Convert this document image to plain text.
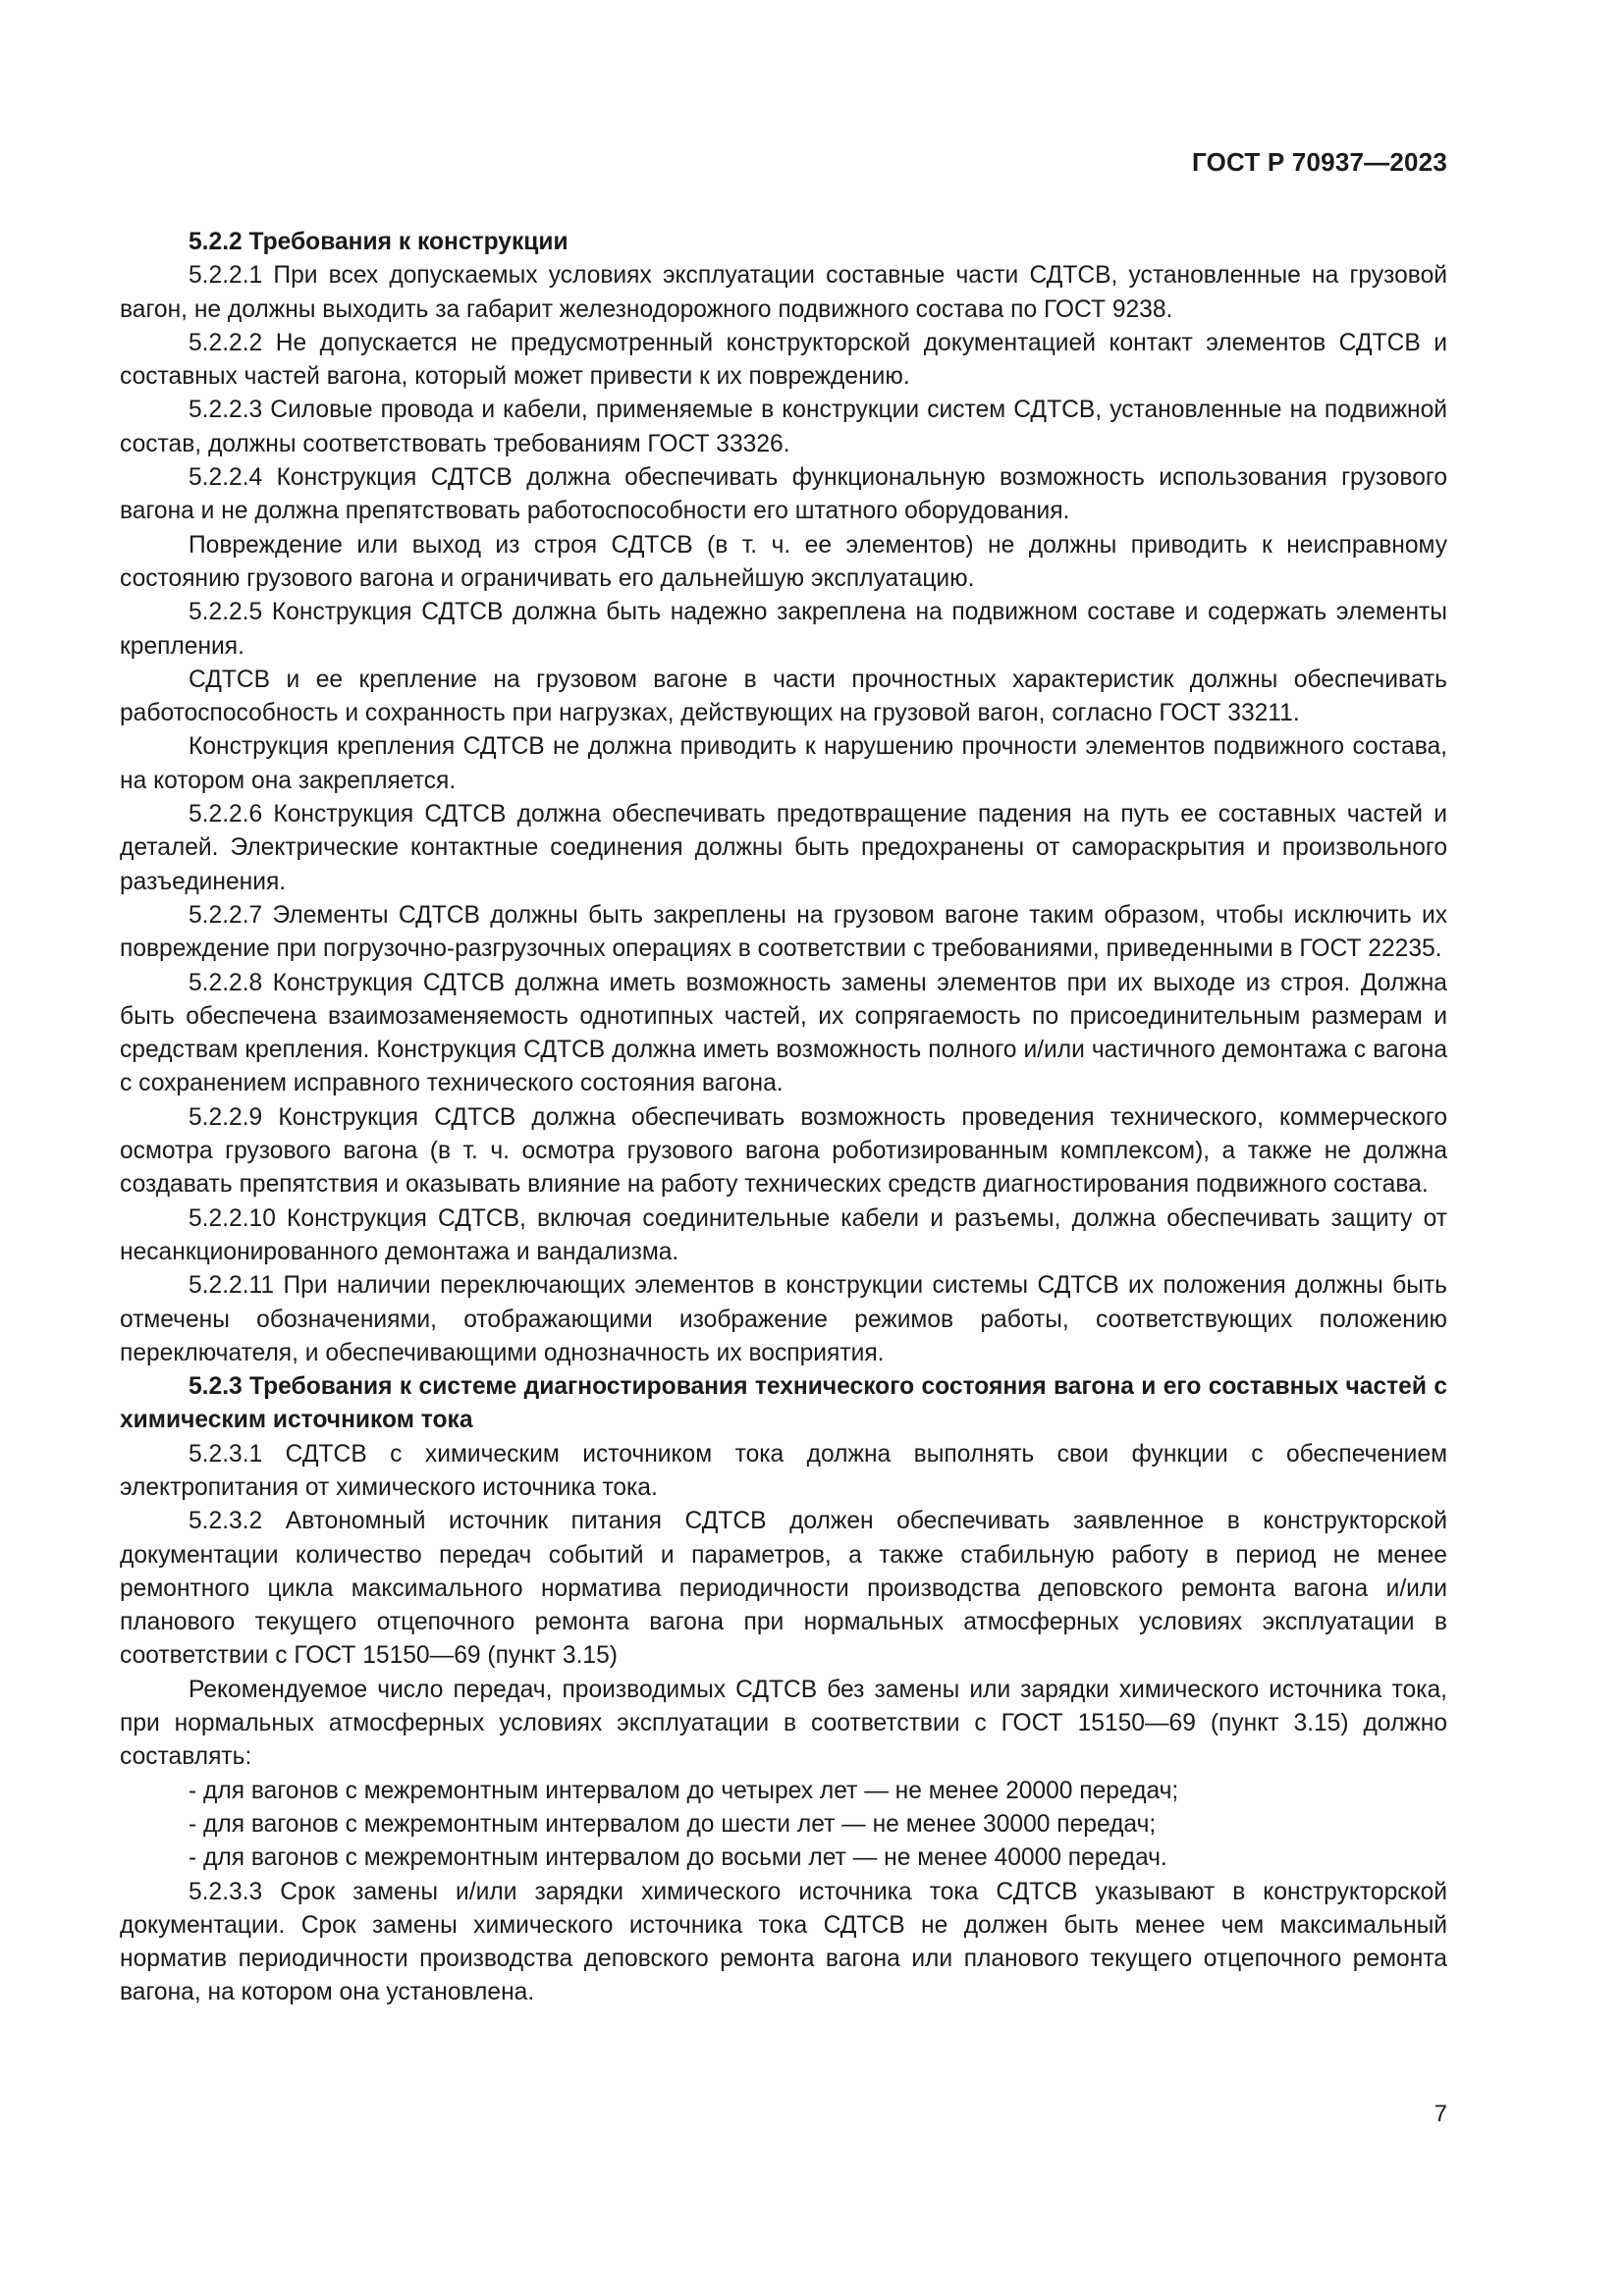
ГОСТ Р 70937—2023

5.2.2 Требования к конструкции

5.2.2.1 При всех допускаемых условиях эксплуатации составные части СДТСВ, установленные на грузовой вагон, не должны выходить за габарит железнодорожного подвижного состава по ГОСТ 9238.

5.2.2.2 Не допускается не предусмотренный конструкторской документацией контакт элементов СДТСВ и составных частей вагона, который может привести к их повреждению.

5.2.2.3 Силовые провода и кабели, применяемые в конструкции систем СДТСВ, установленные на подвижной состав, должны соответствовать требованиям ГОСТ 33326.

5.2.2.4 Конструкция СДТСВ должна обеспечивать функциональную возможность использования грузового вагона и не должна препятствовать работоспособности его штатного оборудования.

Повреждение или выход из строя СДТСВ (в т. ч. ее элементов) не должны приводить к неисправному состоянию грузового вагона и ограничивать его дальнейшую эксплуатацию.

5.2.2.5 Конструкция СДТСВ должна быть надежно закреплена на подвижном составе и содержать элементы крепления.

СДТСВ и ее крепление на грузовом вагоне в части прочностных характеристик должны обеспечивать работоспособность и сохранность при нагрузках, действующих на грузовой вагон, согласно ГОСТ 33211.

Конструкция крепления СДТСВ не должна приводить к нарушению прочности элементов подвижного состава, на котором она закрепляется.

5.2.2.6 Конструкция СДТСВ должна обеспечивать предотвращение падения на путь ее составных частей и деталей. Электрические контактные соединения должны быть предохранены от самораскрытия и произвольного разъединения.

5.2.2.7 Элементы СДТСВ должны быть закреплены на грузовом вагоне таким образом, чтобы исключить их повреждение при погрузочно-разгрузочных операциях в соответствии с требованиями, приведенными в ГОСТ 22235.

5.2.2.8 Конструкция СДТСВ должна иметь возможность замены элементов при их выходе из строя. Должна быть обеспечена взаимозаменяемость однотипных частей, их сопрягаемость по присоединительным размерам и средствам крепления. Конструкция СДТСВ должна иметь возможность полного и/или частичного демонтажа с вагона с сохранением исправного технического состояния вагона.

5.2.2.9 Конструкция СДТСВ должна обеспечивать возможность проведения технического, коммерческого осмотра грузового вагона (в т. ч. осмотра грузового вагона роботизированным комплексом), а также не должна создавать препятствия и оказывать влияние на работу технических средств диагностирования подвижного состава.

5.2.2.10 Конструкция СДТСВ, включая соединительные кабели и разъемы, должна обеспечивать защиту от несанкционированного демонтажа и вандализма.

5.2.2.11 При наличии переключающих элементов в конструкции системы СДТСВ их положения должны быть отмечены обозначениями, отображающими изображение режимов работы, соответствующих положению переключателя, и обеспечивающими однозначность их восприятия.

5.2.3 Требования к системе диагностирования технического состояния вагона и его составных частей с химическим источником тока

5.2.3.1 СДТСВ с химическим источником тока должна выполнять свои функции с обеспечением электропитания от химического источника тока.

5.2.3.2 Автономный источник питания СДТСВ должен обеспечивать заявленное в конструкторской документации количество передач событий и параметров, а также стабильную работу в период не менее ремонтного цикла максимального норматива периодичности производства деповского ремонта вагона и/или планового текущего отцепочного ремонта вагона при нормальных атмосферных условиях эксплуатации в соответствии с ГОСТ 15150—69 (пункт 3.15)

Рекомендуемое число передач, производимых СДТСВ без замены или зарядки химического источника тока, при нормальных атмосферных условиях эксплуатации в соответствии с ГОСТ 15150—69 (пункт 3.15) должно составлять:

- для вагонов с межремонтным интервалом до четырех лет — не менее 20000 передач;

- для вагонов с межремонтным интервалом до шести лет — не менее 30000 передач;

- для вагонов с межремонтным интервалом до восьми лет — не менее 40000 передач.

5.2.3.3 Срок замены и/или зарядки химического источника тока СДТСВ указывают в конструкторской документации. Срок замены химического источника тока СДТСВ не должен быть менее чем максимальный норматив периодичности производства деповского ремонта вагона или планового текущего отцепочного ремонта вагона, на котором она установлена.

7
